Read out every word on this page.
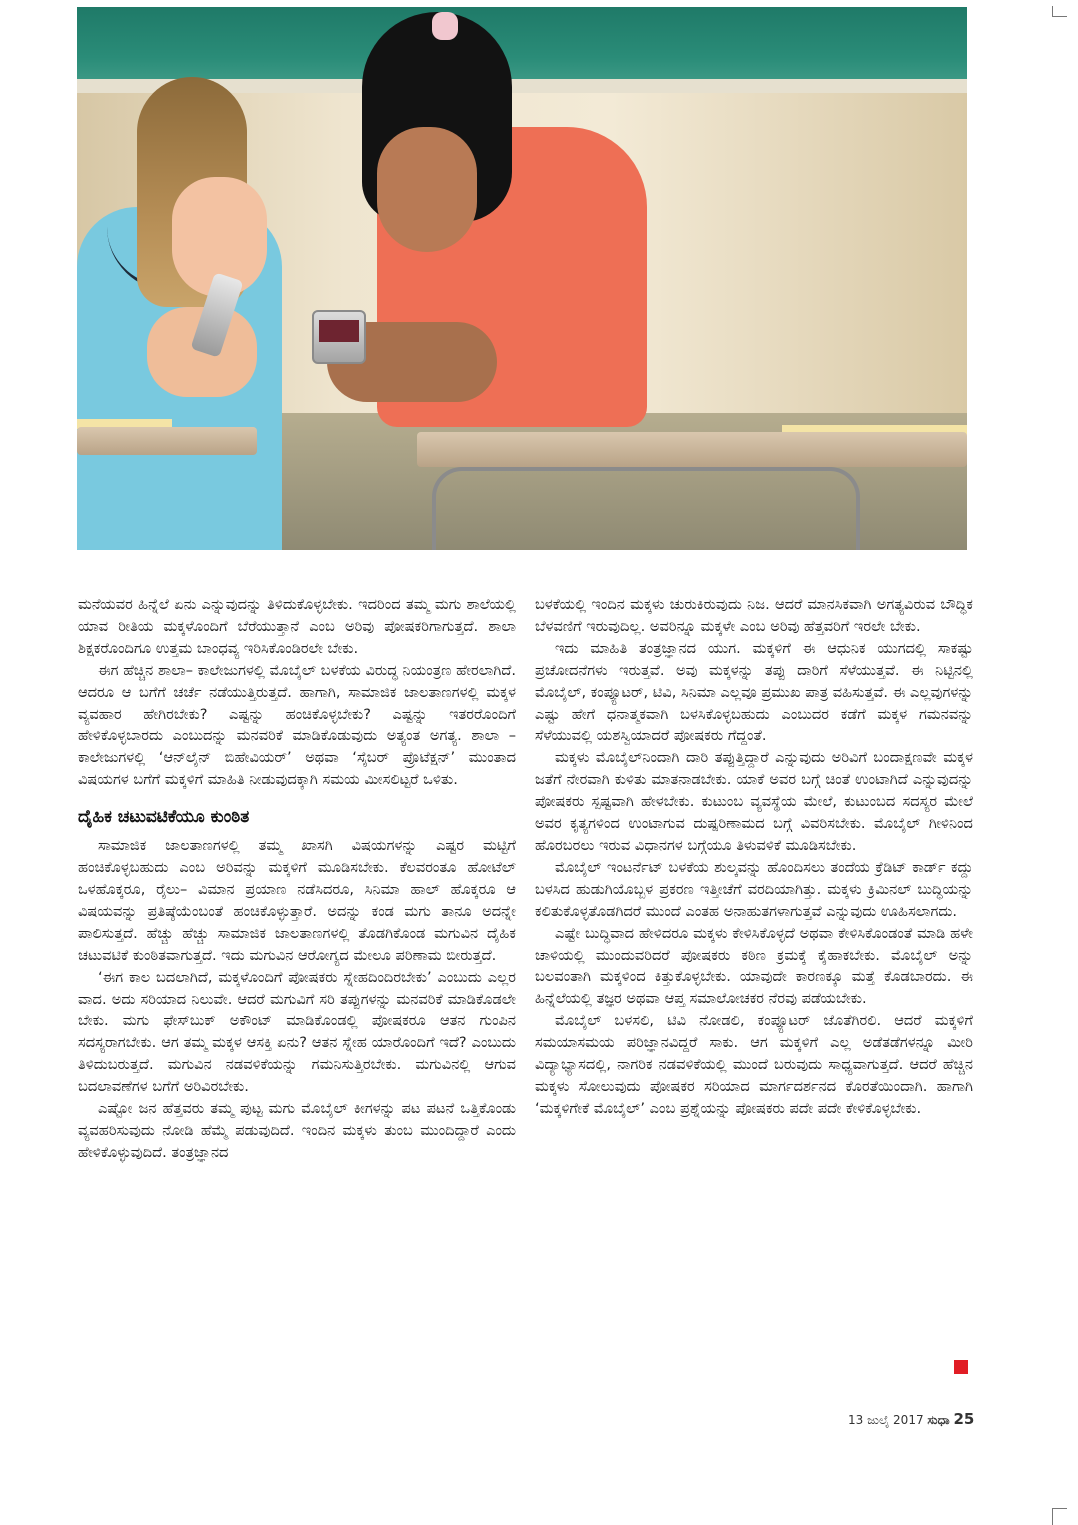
ಮನೆಯವರ ಹಿನ್ನೆಲೆ ಏನು ಎನ್ನುವುದನ್ನು ತಿಳಿದುಕೊಳ್ಳಬೇಕು. ಇದರಿಂದ ತಮ್ಮ ಮಗು ಶಾಲೆಯಲ್ಲಿ ಯಾವ ರೀತಿಯ ಮಕ್ಕಳೊಂದಿಗೆ ಬೆರೆಯುತ್ತಾನೆ ಎಂಬ ಅರಿವು ಪೋಷಕರಿಗಾಗುತ್ತದೆ. ಶಾಲಾ ಶಿಕ್ಷಕರೊಂದಿಗೂ ಉತ್ತಮ ಬಾಂಧವ್ಯ ಇರಿಸಿಕೊಂಡಿರಲೇ ಬೇಕು.

ಈಗ ಹೆಚ್ಚಿನ ಶಾಲಾ– ಕಾಲೇಜುಗಳಲ್ಲಿ ಮೊಬೈಲ್ ಬಳಕೆಯ ವಿರುದ್ಧ ನಿಯಂತ್ರಣ ಹೇರಲಾಗಿದೆ. ಆದರೂ ಆ ಬಗೆಗೆ ಚರ್ಚೆ ನಡೆಯುತ್ತಿರುತ್ತದೆ. ಹಾಗಾಗಿ, ಸಾಮಾಜಿಕ ಜಾಲತಾಣಗಳಲ್ಲಿ ಮಕ್ಕಳ ವ್ಯವಹಾರ ಹೇಗಿರಬೇಕು? ಎಷ್ಟನ್ನು ಹಂಚಿಕೊಳ್ಳಬೇಕು? ಎಷ್ಟನ್ನು ಇತರರೊಂದಿಗೆ ಹೇಳಿಕೊಳ್ಳಬಾರದು ಎಂಬುದನ್ನು ಮನವರಿಕೆ ಮಾಡಿಕೊಡುವುದು ಅತ್ಯಂತ ಅಗತ್ಯ. ಶಾಲಾ – ಕಾಲೇಜುಗಳಲ್ಲಿ ‘ಆನ್‌ಲೈನ್ ಬಿಹೇವಿಯರ್’ ಅಥವಾ ‘ಸೈಬರ್ ಪ್ರೊಟೆಕ್ಷನ್’ ಮುಂತಾದ ವಿಷಯಗಳ ಬಗೆಗೆ ಮಕ್ಕಳಿಗೆ ಮಾಹಿತಿ ನೀಡುವುದಕ್ಕಾಗಿ ಸಮಯ ಮೀಸಲಿಟ್ಟರೆ ಒಳಿತು.

ದೈಹಿಕ ಚಟುವಟಿಕೆಯೂ ಕುಂಠಿತ

ಸಾಮಾಜಿಕ ಜಾಲತಾಣಗಳಲ್ಲಿ ತಮ್ಮ ಖಾಸಗಿ ವಿಷಯಗಳನ್ನು ಎಷ್ಟರ ಮಟ್ಟಿಗೆ ಹಂಚಿಕೊಳ್ಳಬಹುದು ಎಂಬ ಅರಿವನ್ನು ಮಕ್ಕಳಿಗೆ ಮೂಡಿಸಬೇಕು. ಕೆಲವರಂತೂ ಹೋಟೆಲ್ ಒಳಹೊಕ್ಕರೂ, ರೈಲು– ವಿಮಾನ ಪ್ರಯಾಣ ನಡೆಸಿದರೂ, ಸಿನಿಮಾ ಹಾಲ್ ಹೊಕ್ಕರೂ ಆ ವಿಷಯವನ್ನು ಪ್ರತಿಷ್ಠೆಯೆಂಬಂತೆ ಹಂಚಿಕೊಳ್ಳುತ್ತಾರೆ. ಅದನ್ನು ಕಂಡ ಮಗು ತಾನೂ ಅದನ್ನೇ ಪಾಲಿಸುತ್ತದೆ. ಹೆಚ್ಚು ಹೆಚ್ಚು ಸಾಮಾಜಿಕ ಜಾಲತಾಣಗಳಲ್ಲಿ ತೊಡಗಿಕೊಂಡ ಮಗುವಿನ ದೈಹಿಕ ಚಟುವಟಿಕೆ ಕುಂಠಿತವಾಗುತ್ತದೆ. ಇದು ಮಗುವಿನ ಆರೋಗ್ಯದ ಮೇಲೂ ಪರಿಣಾಮ ಬೀರುತ್ತದೆ.

‘ಈಗ ಕಾಲ ಬದಲಾಗಿದೆ, ಮಕ್ಕಳೊಂದಿಗೆ ಪೋಷಕರು ಸ್ನೇಹದಿಂದಿರಬೇಕು’ ಎಂಬುದು ಎಲ್ಲರ ವಾದ. ಅದು ಸರಿಯಾದ ನಿಲುವೇ. ಆದರೆ ಮಗುವಿಗೆ ಸರಿ ತಪ್ಪುಗಳನ್ನು ಮನವರಿಕೆ ಮಾಡಿಕೊಡಲೇ ಬೇಕು. ಮಗು ಫೇಸ್‌ಬುಕ್ ಅಕೌಂಟ್ ಮಾಡಿಕೊಂಡಲ್ಲಿ ಪೋಷಕರೂ ಆತನ ಗುಂಪಿನ ಸದಸ್ಯರಾಗಬೇಕು. ಆಗ ತಮ್ಮ ಮಕ್ಕಳ ಆಸಕ್ತಿ ಏನು? ಆತನ ಸ್ನೇಹ ಯಾರೊಂದಿಗೆ ಇದೆ? ಎಂಬುದು ತಿಳಿದುಬರುತ್ತದೆ. ಮಗುವಿನ ನಡವಳಿಕೆಯನ್ನು ಗಮನಿಸುತ್ತಿರಬೇಕು. ಮಗುವಿನಲ್ಲಿ ಆಗುವ ಬದಲಾವಣೆಗಳ ಬಗೆಗೆ ಅರಿವಿರಬೇಕು.

ಎಷ್ಟೋ ಜನ ಹೆತ್ತವರು ತಮ್ಮ ಪುಟ್ಟ ಮಗು ಮೊಬೈಲ್ ಕೀಗಳನ್ನು ಪಟ ಪಟನೆ ಒತ್ತಿಕೊಂಡು ವ್ಯವಹರಿಸುವುದು ನೋಡಿ ಹೆಮ್ಮೆ ಪಡುವುದಿದೆ. ಇಂದಿನ ಮಕ್ಕಳು ತುಂಬ ಮುಂದಿದ್ದಾರೆ ಎಂದು ಹೇಳಿಕೊಳ್ಳುವುದಿದೆ. ತಂತ್ರಜ್ಞಾನದ

ಬಳಕೆಯಲ್ಲಿ ಇಂದಿನ ಮಕ್ಕಳು ಚುರುಕಿರುವುದು ನಿಜ. ಆದರೆ ಮಾನಸಿಕವಾಗಿ ಅಗತ್ಯವಿರುವ ಬೌದ್ಧಿಕ ಬೆಳವಣಿಗೆ ಇರುವುದಿಲ್ಲ. ಅವರಿನ್ನೂ ಮಕ್ಕಳೇ ಎಂಬ ಅರಿವು ಹೆತ್ತವರಿಗೆ ಇರಲೇ ಬೇಕು.

ಇದು ಮಾಹಿತಿ ತಂತ್ರಜ್ಞಾನದ ಯುಗ. ಮಕ್ಕಳಿಗೆ ಈ ಆಧುನಿಕ ಯುಗದಲ್ಲಿ ಸಾಕಷ್ಟು ಪ್ರಚೋದನೆಗಳು ಇರುತ್ತವೆ. ಅವು ಮಕ್ಕಳನ್ನು ತಪ್ಪು ದಾರಿಗೆ ಸೆಳೆಯುತ್ತವೆ. ಈ ನಿಟ್ಟಿನಲ್ಲಿ ಮೊಬೈಲ್, ಕಂಪ್ಯೂಟರ್, ಟಿವಿ, ಸಿನಿಮಾ ಎಲ್ಲವೂ ಪ್ರಮುಖ ಪಾತ್ರ ವಹಿಸುತ್ತವೆ. ಈ ಎಲ್ಲವುಗಳನ್ನು ಎಷ್ಟು ಹೇಗೆ ಧನಾತ್ಮಕವಾಗಿ ಬಳಸಿಕೊಳ್ಳಬಹುದು ಎಂಬುದರ ಕಡೆಗೆ ಮಕ್ಕಳ ಗಮನವನ್ನು ಸೆಳೆಯುವಲ್ಲಿ ಯಶಸ್ವಿಯಾದರೆ ಪೋಷಕರು ಗೆದ್ದಂತೆ.

ಮಕ್ಕಳು ಮೊಬೈಲ್‌ನಿಂದಾಗಿ ದಾರಿ ತಪ್ಪುತ್ತಿದ್ದಾರೆ ಎನ್ನುವುದು ಅರಿವಿಗೆ ಬಂದಾಕ್ಷಣವೇ ಮಕ್ಕಳ ಜತೆಗೆ ನೇರವಾಗಿ ಕುಳಿತು ಮಾತನಾಡಬೇಕು. ಯಾಕೆ ಅವರ ಬಗ್ಗೆ ಚಿಂತೆ ಉಂಟಾಗಿದೆ ಎನ್ನುವುದನ್ನು ಪೋಷಕರು ಸ್ಪಷ್ಟವಾಗಿ ಹೇಳಬೇಕು. ಕುಟುಂಬ ವ್ಯವಸ್ಥೆಯ ಮೇಲೆ, ಕುಟುಂಬದ ಸದಸ್ಯರ ಮೇಲೆ ಅವರ ಕೃತ್ಯಗಳಿಂದ ಉಂಟಾಗುವ ದುಷ್ಪರಿಣಾಮದ ಬಗ್ಗೆ ವಿವರಿಸಬೇಕು. ಮೊಬೈಲ್ ಗೀಳಿನಿಂದ ಹೊರಬರಲು ಇರುವ ವಿಧಾನಗಳ ಬಗ್ಗೆಯೂ ತಿಳುವಳಿಕೆ ಮೂಡಿಸಬೇಕು.

ಮೊಬೈಲ್ ಇಂಟರ್ನೆಟ್ ಬಳಕೆಯ ಶುಲ್ಕವನ್ನು ಹೊಂದಿಸಲು ತಂದೆಯ ಕ್ರೆಡಿಟ್ ಕಾರ್ಡ್ ಕದ್ದು ಬಳಸಿದ ಹುಡುಗಿಯೊಬ್ಬಳ ಪ್ರಕರಣ ಇತ್ತೀಚೆಗೆ ವರದಿಯಾಗಿತ್ತು. ಮಕ್ಕಳು ಕ್ರಿಮಿನಲ್ ಬುದ್ಧಿಯನ್ನು ಕಲಿತುಕೊಳ್ಳತೊಡಗಿದರೆ ಮುಂದೆ ಎಂತಹ ಅನಾಹುತಗಳಾಗುತ್ತವೆ ಎನ್ನುವುದು ಊಹಿಸಲಾಗದು.

ಎಷ್ಟೇ ಬುದ್ಧಿವಾದ ಹೇಳಿದರೂ ಮಕ್ಕಳು ಕೇಳಿಸಿಕೊಳ್ಳದೆ ಅಥವಾ ಕೇಳಿಸಿಕೊಂಡಂತೆ ಮಾಡಿ ಹಳೇ ಚಾಳಿಯಲ್ಲಿ ಮುಂದುವರಿದರೆ ಪೋಷಕರು ಕಠಿಣ ಕ್ರಮಕ್ಕೆ ಕೈಹಾಕಬೇಕು. ಮೊಬೈಲ್ ಅನ್ನು ಬಲವಂತಾಗಿ ಮಕ್ಕಳಿಂದ ಕಿತ್ತುಕೊಳ್ಳಬೇಕು. ಯಾವುದೇ ಕಾರಣಕ್ಕೂ ಮತ್ತೆ ಕೊಡಬಾರದು. ಈ ಹಿನ್ನೆಲೆಯಲ್ಲಿ ತಜ್ಞರ ಅಥವಾ ಆಪ್ತ ಸಮಾಲೋಚಕರ ನೆರವು ಪಡೆಯಬೇಕು.

ಮೊಬೈಲ್ ಬಳಸಲಿ, ಟಿವಿ ನೋಡಲಿ, ಕಂಪ್ಯೂಟರ್ ಜೊತೆಗಿರಲಿ. ಆದರೆ ಮಕ್ಕಳಿಗೆ ಸಮಯಾಸಮಯ ಪರಿಜ್ಞಾನವಿದ್ದರೆ ಸಾಕು. ಆಗ ಮಕ್ಕಳಿಗೆ ಎಲ್ಲ ಅಡೆತಡೆಗಳನ್ನೂ ಮೀರಿ ವಿದ್ಯಾಭ್ಯಾಸದಲ್ಲಿ, ನಾಗರಿಕ ನಡವಳಿಕೆಯಲ್ಲಿ ಮುಂದೆ ಬರುವುದು ಸಾಧ್ಯವಾಗುತ್ತದೆ. ಆದರೆ ಹೆಚ್ಚಿನ ಮಕ್ಕಳು ಸೋಲುವುದು ಪೋಷಕರ ಸರಿಯಾದ ಮಾರ್ಗದರ್ಶನದ ಕೊರತೆಯಿಂದಾಗಿ. ಹಾಗಾಗಿ ‘ಮಕ್ಕಳಿಗೇಕೆ ಮೊಬೈಲ್’ ಎಂಬ ಪ್ರಶ್ನೆಯನ್ನು ಪೋಷಕರು ಪದೇ ಪದೇ ಕೇಳಿಕೊಳ್ಳಬೇಕು.

13 ಜುಲೈ 2017 ಸುಧಾ 25
